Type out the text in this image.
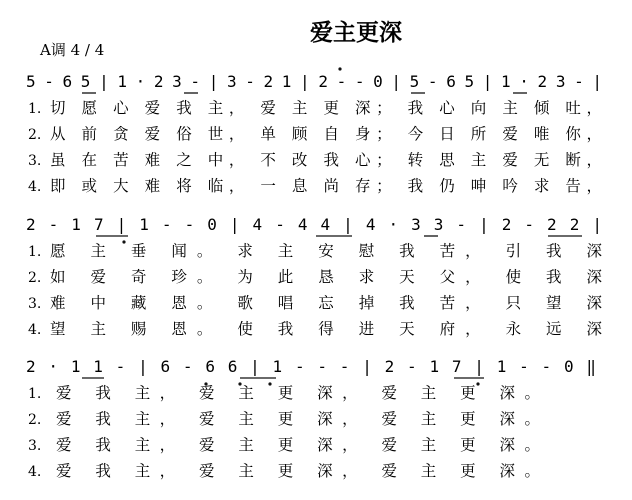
爱主更深
A调 4 / 4
5 - 6 5 | 1 · 2 3 - | 3 - 2 1 | 2 - - 0 | 5 - 6 5 | 1 · 2 3 - |
1. 切 愿 心 爱 我 主， 爱 主 更 深； 我 心 向 主 倾 吐，
2. 从 前 贪 爱 俗 世， 单 顾 自 身； 今 日 所 爱 唯 你，
3. 虽 在 苦 难 之 中， 不 改 我 心； 转 思 主 爱 无 断，
4. 即 或 大 难 将 临， 一 息 尚 存； 我 仍 呻 吟 求 告，
2 - 1 7 | 1 - - 0 | 4 - 4 4 | 4 · 3 3 - | 2 - 2 2 |
1. 愿 主 垂 闻。 求 主 安 慰 我 苦， 引 我 深
2. 如 爱 奇 珍。 为 此 恳 求 天 父， 使 我 深
3. 难 中 藏 恩。 歌 唱 忘 掉 我 苦， 只 望 深
4. 望 主 赐 恩。 使 我 得 进 天 府， 永 远 深
2 · 1 1 - | 6 - 6 6 | 1 - - - | 2 - 1 7 | 1 - - 0 ‖
1. 爱 我 主， 爱 主 更 深， 爱 主 更 深。
2. 爱 我 主， 爱 主 更 深， 爱 主 更 深。
3. 爱 我 主， 爱 主 更 深， 爱 主 更 深。
4. 爱 我 主， 爱 主 更 深， 爱 主 更 深。
